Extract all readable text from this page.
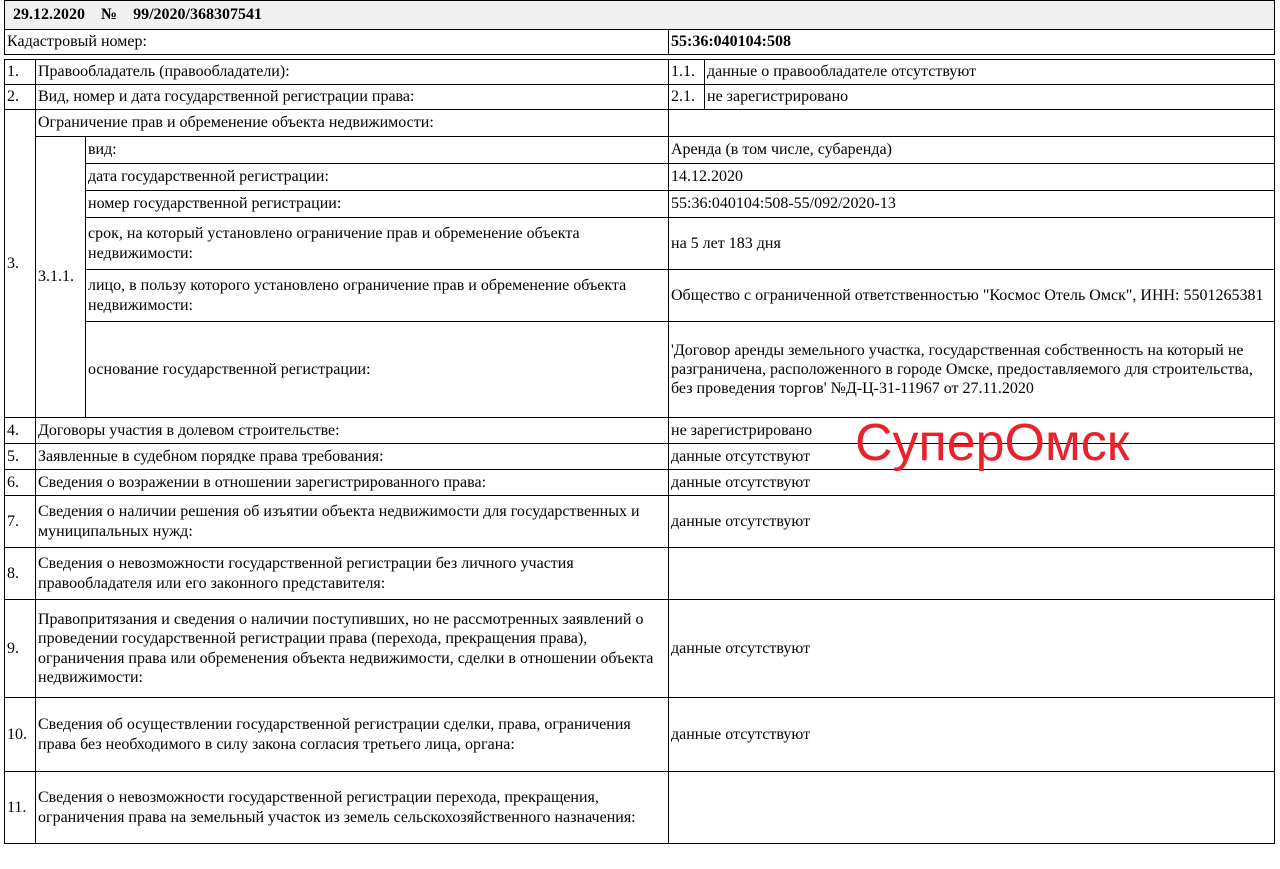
29.12.2020 № 99/2020/368307541				
Кадастровый номер:			55:36:040104:508	

1.	Правообладатель (правообладатели):		1.1.	данные о правообладателе отсутствуют
2.	Вид, номер и дата государственной регистрации права:		2.1.	не зарегистрировано
3.	Ограничение прав и обременение объекта недвижимости:			
	3.1.1.	вид:	Аренда (в том числе, субаренда)	
		дата государственной регистрации:	14.12.2020	
		номер государственной регистрации:	55:36:040104:508-55/092/2020-13	
		срок, на который установлено ограничение прав и обременение объекта недвижимости:	на 5 лет 183 дня	
		лицо, в пользу которого установлено ограничение прав и обременение объекта недвижимости:	Общество с ограниченной ответственностью "Космос Отель Омск", ИНН: 5501265381	
		основание государственной регистрации:	'Договор аренды земельного участка, государственная собственность на который не разграничена, расположенного в городе Омске, предоставляемого для строительства, без проведения торгов' №Д-Ц-31-11967 от 27.11.2020	
4.	Договоры участия в долевом строительстве:		не зарегистрировано	
5.	Заявленные в судебном порядке права требования:		данные отсутствуют	
6.	Сведения о возражении в отношении зарегистрированного права:		данные отсутствуют	
7.	Сведения о наличии решения об изъятии объекта недвижимости для государственных и муниципальных нужд:		данные отсутствуют	
8.	Сведения о невозможности государственной регистрации без личного участия правообладателя или его законного представителя:			
9.	Правопритязания и сведения о наличии поступивших, но не рассмотренных заявлений о проведении государственной регистрации права (перехода, прекращения права), ограничения права или обременения объекта недвижимости, сделки в отношении объекта недвижимости:		данные отсутствуют	
10.	Сведения об осуществлении государственной регистрации сделки, права, ограничения права без необходимого в силу закона согласия третьего лица, органа:		данные отсутствуют	
11.	Сведения о невозможности государственной регистрации перехода, прекращения, ограничения права на земельный участок из земель сельскохозяйственного назначения:			
СуперОмск
